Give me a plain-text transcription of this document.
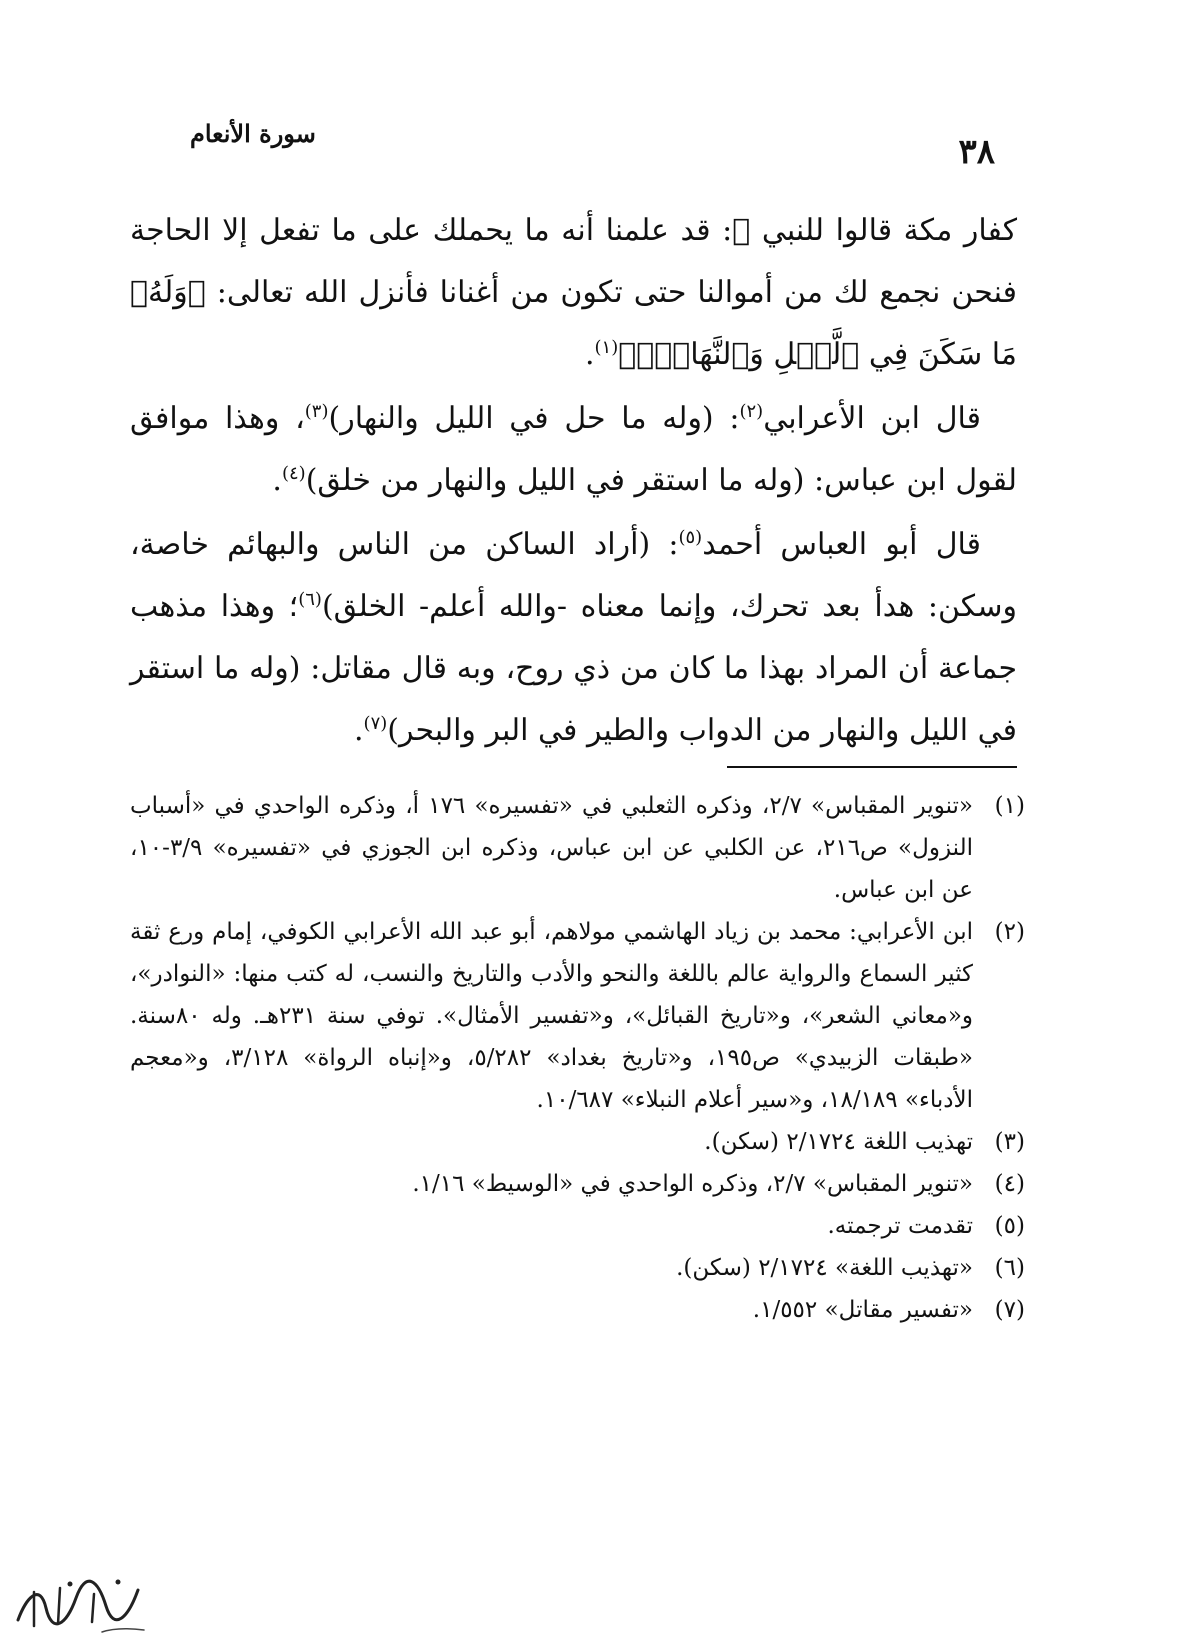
٣٨
سورة الأنعام

كفار مكة قالوا للنبي ﷺ: قد علمنا أنه ما يحملك على ما تفعل إلا الحاجة فنحن نجمع لك من أموالنا حتى تكون من أغنانا فأنزل الله تعالى: ﴿وَلَهُۥ مَا سَكَنَ فِي ٱلَّيۡلِ وَٱلنَّهَارِۚ﴾$^{(١)}$.

قال ابن الأعرابي$^{(٢)}$: (وله ما حل في الليل والنهار)$^{(٣)}$، وهذا موافق لقول ابن عباس: (وله ما استقر في الليل والنهار من خلق)$^{(٤)}$.

قال أبو العباس أحمد$^{(٥)}$: (أراد الساكن من الناس والبهائم خاصة، وسكن: هدأ بعد تحرك، وإنما معناه -والله أعلم- الخلق)$^{(٦)}$؛ وهذا مذهب جماعة أن المراد بهذا ما كان من ذي روح، وبه قال مقاتل: (وله ما استقر في الليل والنهار من الدواب والطير في البر والبحر)$^{(٧)}$.

(١)
«تنوير المقباس» ٢/٧، وذكره الثعلبي في «تفسيره» ١٧٦ أ، وذكره الواحدي في «أسباب النزول» ص٢١٦، عن الكلبي عن ابن عباس، وذكره ابن الجوزي في «تفسيره» ٣/٩-١٠، عن ابن عباس.
(٢)
ابن الأعرابي: محمد بن زياد الهاشمي مولاهم، أبو عبد الله الأعرابي الكوفي، إمام ورع ثقة كثير السماع والرواية عالم باللغة والنحو والأدب والتاريخ والنسب، له كتب منها: «النوادر»، و«معاني الشعر»، و«تاريخ القبائل»، و«تفسير الأمثال». توفي سنة ٢٣١هـ. وله ٨٠سنة. «طبقات الزبيدي» ص١٩٥، و«تاريخ بغداد» ٥/٢٨٢، و«إنباه الرواة» ٣/١٢٨، و«معجم الأدباء» ١٨/١٨٩، و«سير أعلام النبلاء» ١٠/٦٨٧.
(٣)
تهذيب اللغة ٢/١٧٢٤ (سكن).
(٤)
«تنوير المقباس» ٢/٧، وذكره الواحدي في «الوسيط» ١/١٦.
(٥)
تقدمت ترجمته.
(٦)
«تهذيب اللغة» ٢/١٧٢٤ (سكن).
(٧)
«تفسير مقاتل» ١/٥٥٢.
